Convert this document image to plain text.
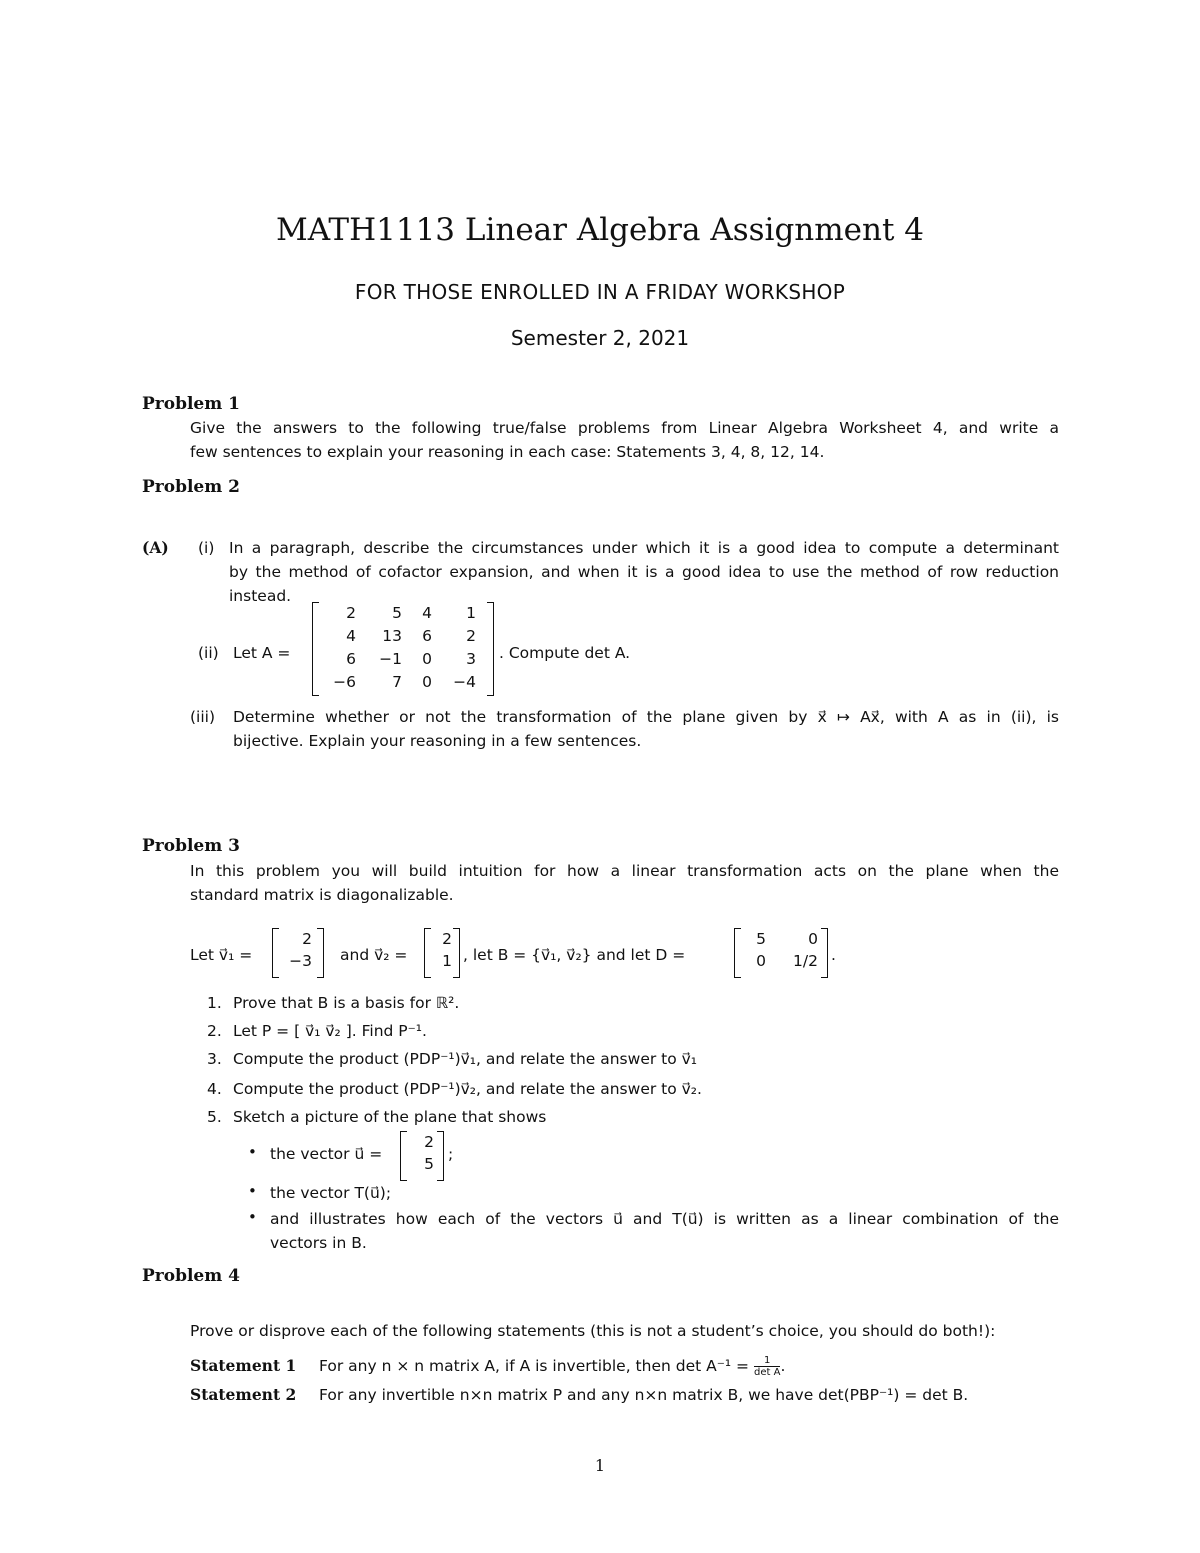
MATH1113 Linear Algebra Assignment 4
FOR THOSE ENROLLED IN A FRIDAY WORKSHOP
Semester 2, 2021
Problem 1
Give the answers to the following true/false problems from Linear Algebra Worksheet 4, and write a
few sentences to explain your reasoning in each case: Statements 3, 4, 8, 12, 14.
Problem 2
(A) (i) In a paragraph, describe the circumstances under which it is a good idea to compute a determinant
by the method of cofactor expansion, and when it is a good idea to use the method of row reduction
instead.
(ii) Let A =
2	5	4	1
4	13	6	2
6	−1	0	3
−6	7	0	−4
. Compute det A.
(iii) Determine whether or not the transformation of the plane given by x⃗ ↦ Ax⃗, with A as in (ii), is
bijective. Explain your reasoning in a few sentences.
Problem 3
In this problem you will build intuition for how a linear transformation acts on the plane when the
standard matrix is diagonalizable.
Let v⃗₁ =
2
−3 and v⃗₂ =
2
1 , let B = {v⃗₁, v⃗₂} and let D =
5	0
0	1/2 .
1. Prove that B is a basis for ℝ².
2. Let P = [ v⃗₁ v⃗₂ ]. Find P⁻¹.
3. Compute the product (PDP⁻¹)v⃗₁, and relate the answer to v⃗₁
4. Compute the product (PDP⁻¹)v⃗₂, and relate the answer to v⃗₂.
5. Sketch a picture of the plane that shows
• the vector u⃗ =
2
5
;
• the vector T(u⃗);
• and illustrates how each of the vectors u⃗ and T(u⃗) is written as a linear combination of the
vectors in B.
Problem 4
Prove or disprove each of the following statements (this is not a student’s choice, you should do both!):
Statement 1 For any n × n matrix A, if A is invertible, then $\det A^{-1} = \frac{1}{\text{det A}}$ .
Statement 2 For any invertible n×n matrix P and any n×n matrix B, we have det(PBP⁻¹) = det B.
1
